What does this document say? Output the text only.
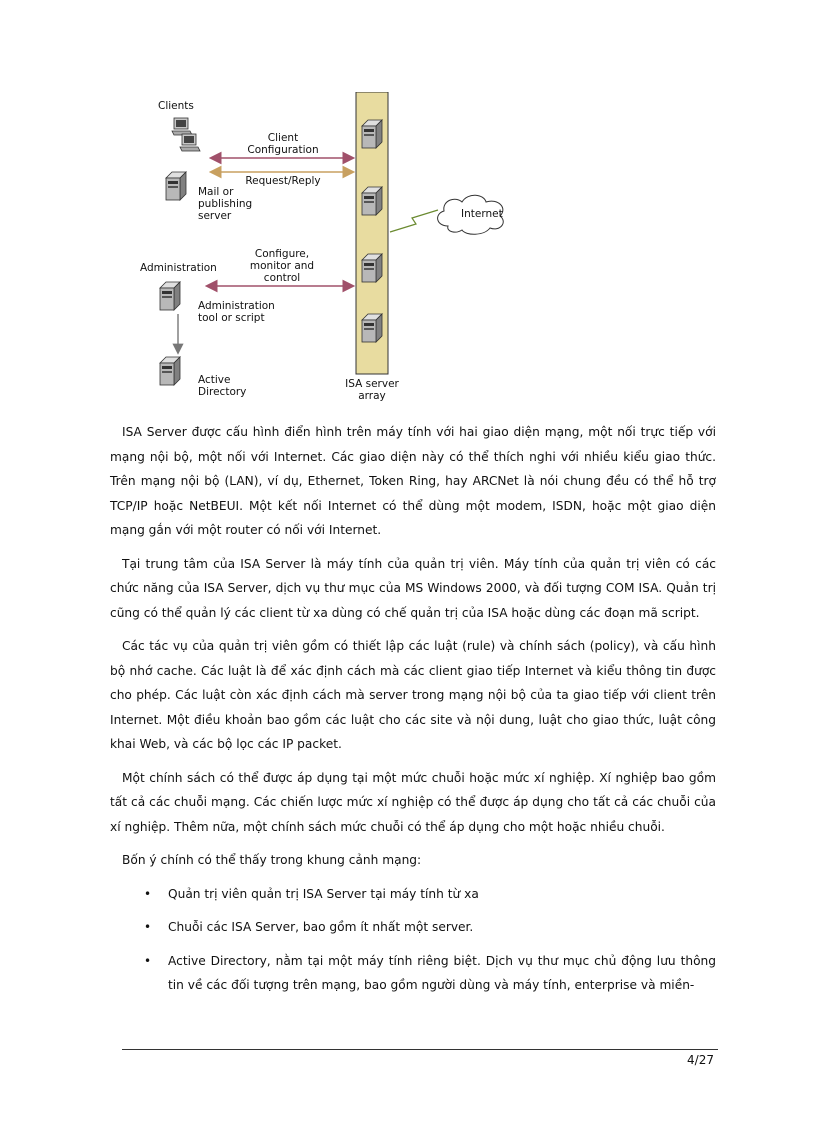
Clients
Client
Configuration
Request/Reply
Mail or
publishing
server	Internet
Configure,
monitor and
control
Administration
Administration
tool or script
Active
Directory
ISA server
array

ISA Server được cấu hình điển hình trên máy tính với hai giao diện mạng, một nối trực tiếp với mạng nội bộ, một nối với Internet. Các giao diện này có thể thích nghi với nhiều kiểu giao thức. Trên mạng nội bộ (LAN), ví dụ, Ethernet, Token Ring, hay ARCNet là nói chung đều có thể hỗ trợ TCP/IP hoặc NetBEUI. Một kết nối Internet có thể dùng một modem, ISDN, hoặc một giao diện mạng gắn với một router có nối với Internet.

Tại trung tâm của ISA Server là máy tính của quản trị viên. Máy tính của quản trị viên có các chức năng của ISA Server, dịch vụ thư mục của MS Windows 2000, và đối tượng COM ISA. Quản trị cũng có thể quản lý các client từ xa dùng có chế quản trị của ISA hoặc dùng các đoạn mã script.

Các tác vụ của quản trị viên gồm có thiết lập các luật (rule) và chính sách (policy), và cấu hình bộ nhớ cache. Các luật là để xác định cách mà các client giao tiếp Internet và kiểu thông tin được cho phép. Các luật còn xác định cách mà server trong mạng nội bộ của ta giao tiếp với client trên Internet. Một điều khoản bao gồm các luật cho các site và nội dung, luật cho giao thức, luật công khai Web, và các bộ lọc các IP packet.

Một chính sách có thể được áp dụng tại một mức chuỗi hoặc mức xí nghiệp. Xí nghiệp bao gồm tất cả các chuỗi mạng. Các chiến lược mức xí nghiệp có thể được áp dụng cho tất cả các chuỗi của xí nghiệp. Thêm nữa, một chính sách mức chuỗi có thể áp dụng cho một hoặc nhiều chuỗi.

Bốn ý chính có thể thấy trong khung cảnh mạng:

• Quản trị viên quản trị ISA Server tại máy tính từ xa
• Chuỗi các ISA Server, bao gồm ít nhất một server.
• Active Directory, nằm tại một máy tính riêng biệt. Dịch vụ thư mục chủ động lưu thông tin về các đối tượng trên mạng, bao gồm người dùng và máy tính, enterprise và miền-
4/27
